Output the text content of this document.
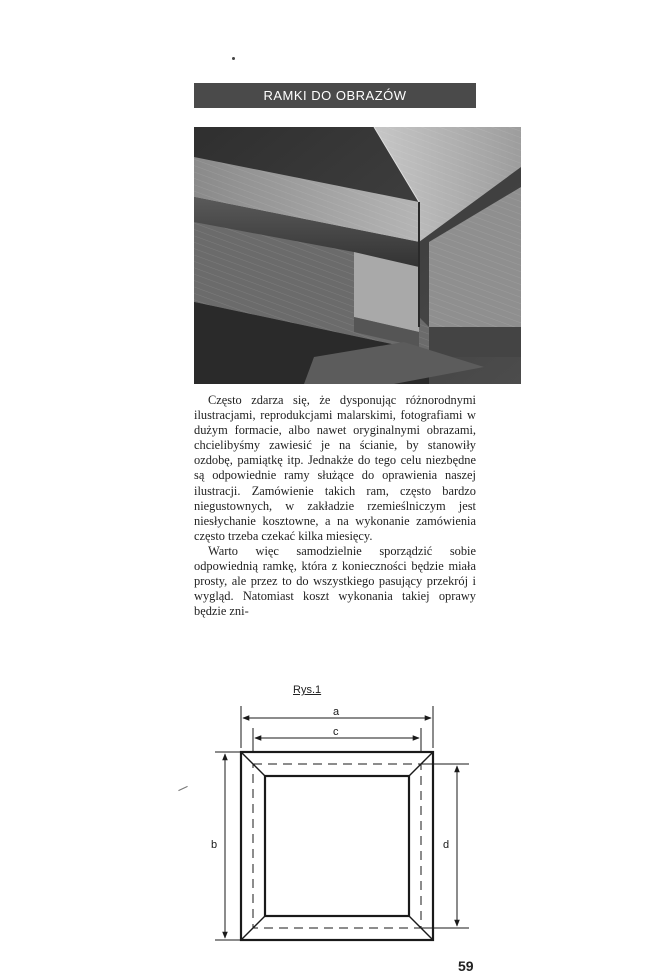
RAMKI DO OBRAZÓW

Często zdarza się, że dysponując różnorodnymi ilustracjami, reprodukcjami malarskimi, fotografiami w dużym formacie, albo nawet oryginalnymi obrazami, chcielibyśmy zawiesić je na ścianie, by stanowiły ozdobę, pamiątkę itp. Jednakże do tego celu niezbędne są odpowiednie ramy służące do oprawienia naszej ilustracji. Zamówienie takich ram, często bardzo niegustownych, w zakładzie rzemieślniczym jest niesłychanie kosztowne, a na wykonanie zamówienia często trzeba czekać kilka miesięcy.

Warto więc samodzielnie sporządzić sobie odpowiednią ramkę, która z konieczności będzie miała prosty, ale przez to do wszystkiego pasujący przekrój i wygląd. Natomiast koszt wykonania takiej oprawy będzie zni-

Rys.1
a
c
b	d
59
